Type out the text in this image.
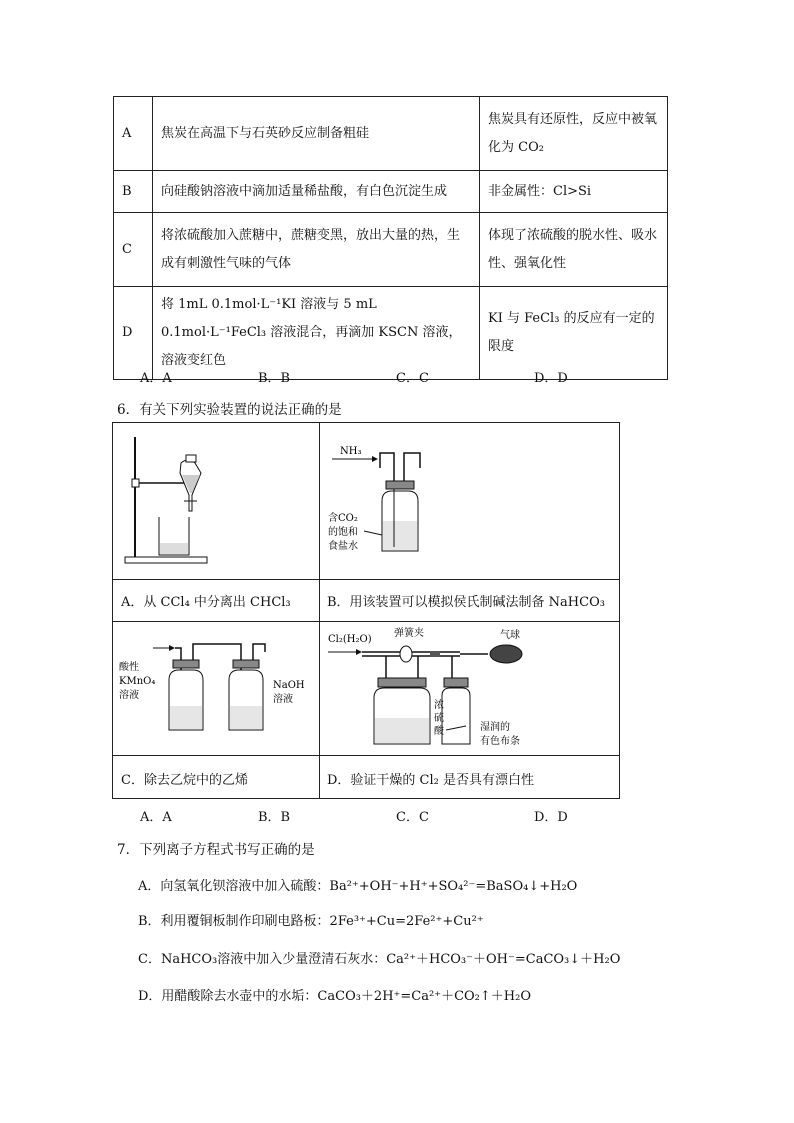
A	焦炭在高温下与石英砂反应制备粗硅	焦炭具有还原性，反应中被氧化为 CO₂
B	向硅酸钠溶液中滴加适量稀盐酸，有白色沉淀生成	非金属性：Cl>Si
C	将浓硫酸加入蔗糖中，蔗糖变黑，放出大量的热，生成有刺激性气味的气体	体现了浓硫酸的脱水性、吸水性、强氧化性
D	将 1mL 0.1mol·L⁻¹KI 溶液与 5 mL 0.1mol·L⁻¹FeCl₃ 溶液混合，再滴加 KSCN 溶液，溶液变红色	KI 与 FeCl₃ 的反应有一定的限度
A．A	B．B	C．C	D．D
6．有关下列实验装置的说法正确的是
NH₃
含CO₂
的饱和
食盐水
A．从 CCl₄ 中分离出 CHCl₃	B．用该装置可以模拟侯氏制碱法制备 NaHCO₃
酸性
KMnO₄
溶液
NaOH
溶液
Cl₂(H₂O)
弹簧夹	气球
浓
硫
酸	湿润的
有色布条
C．除去乙烷中的乙烯	D．验证干燥的 Cl₂ 是否具有漂白性
A．A	B．B	C．C	D．D
7．下列离子方程式书写正确的是
A．向氢氧化钡溶液中加入硫酸：Ba²⁺+OH⁻+H⁺+SO₄²⁻=BaSO₄↓+H₂O
B．利用覆铜板制作印刷电路板：2Fe³⁺+Cu=2Fe²⁺+Cu²⁺
C．NaHCO₃溶液中加入少量澄清石灰水：Ca²⁺＋HCO₃⁻＋OH⁻=CaCO₃↓＋H₂O
D．用醋酸除去水壶中的水垢：CaCO₃＋2H⁺=Ca²⁺＋CO₂↑＋H₂O
